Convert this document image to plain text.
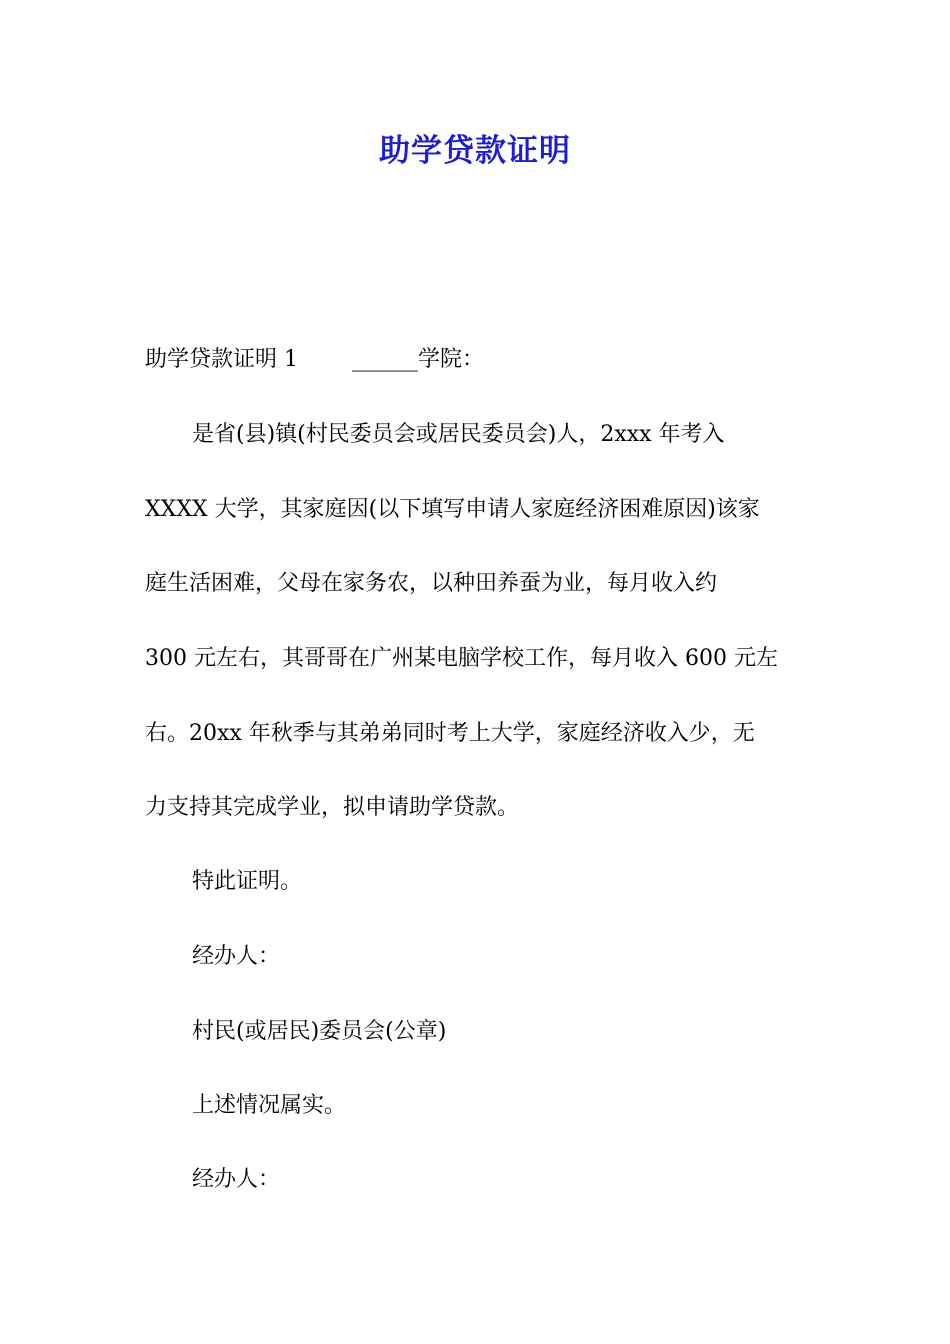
助学贷款证明
助学贷款证明 1 ______学院：
是省(县)镇(村民委员会或居民委员会)人，2xxx 年考入
XXXX 大学，其家庭因(以下填写申请人家庭经济困难原因)该家
庭生活困难，父母在家务农，以种田养蚕为业，每月收入约
300 元左右，其哥哥在广州某电脑学校工作，每月收入 600 元左
右。20xx 年秋季与其弟弟同时考上大学，家庭经济收入少，无
力支持其完成学业，拟申请助学贷款。
特此证明。
经办人：
村民(或居民)委员会(公章)
上述情况属实。
经办人：
